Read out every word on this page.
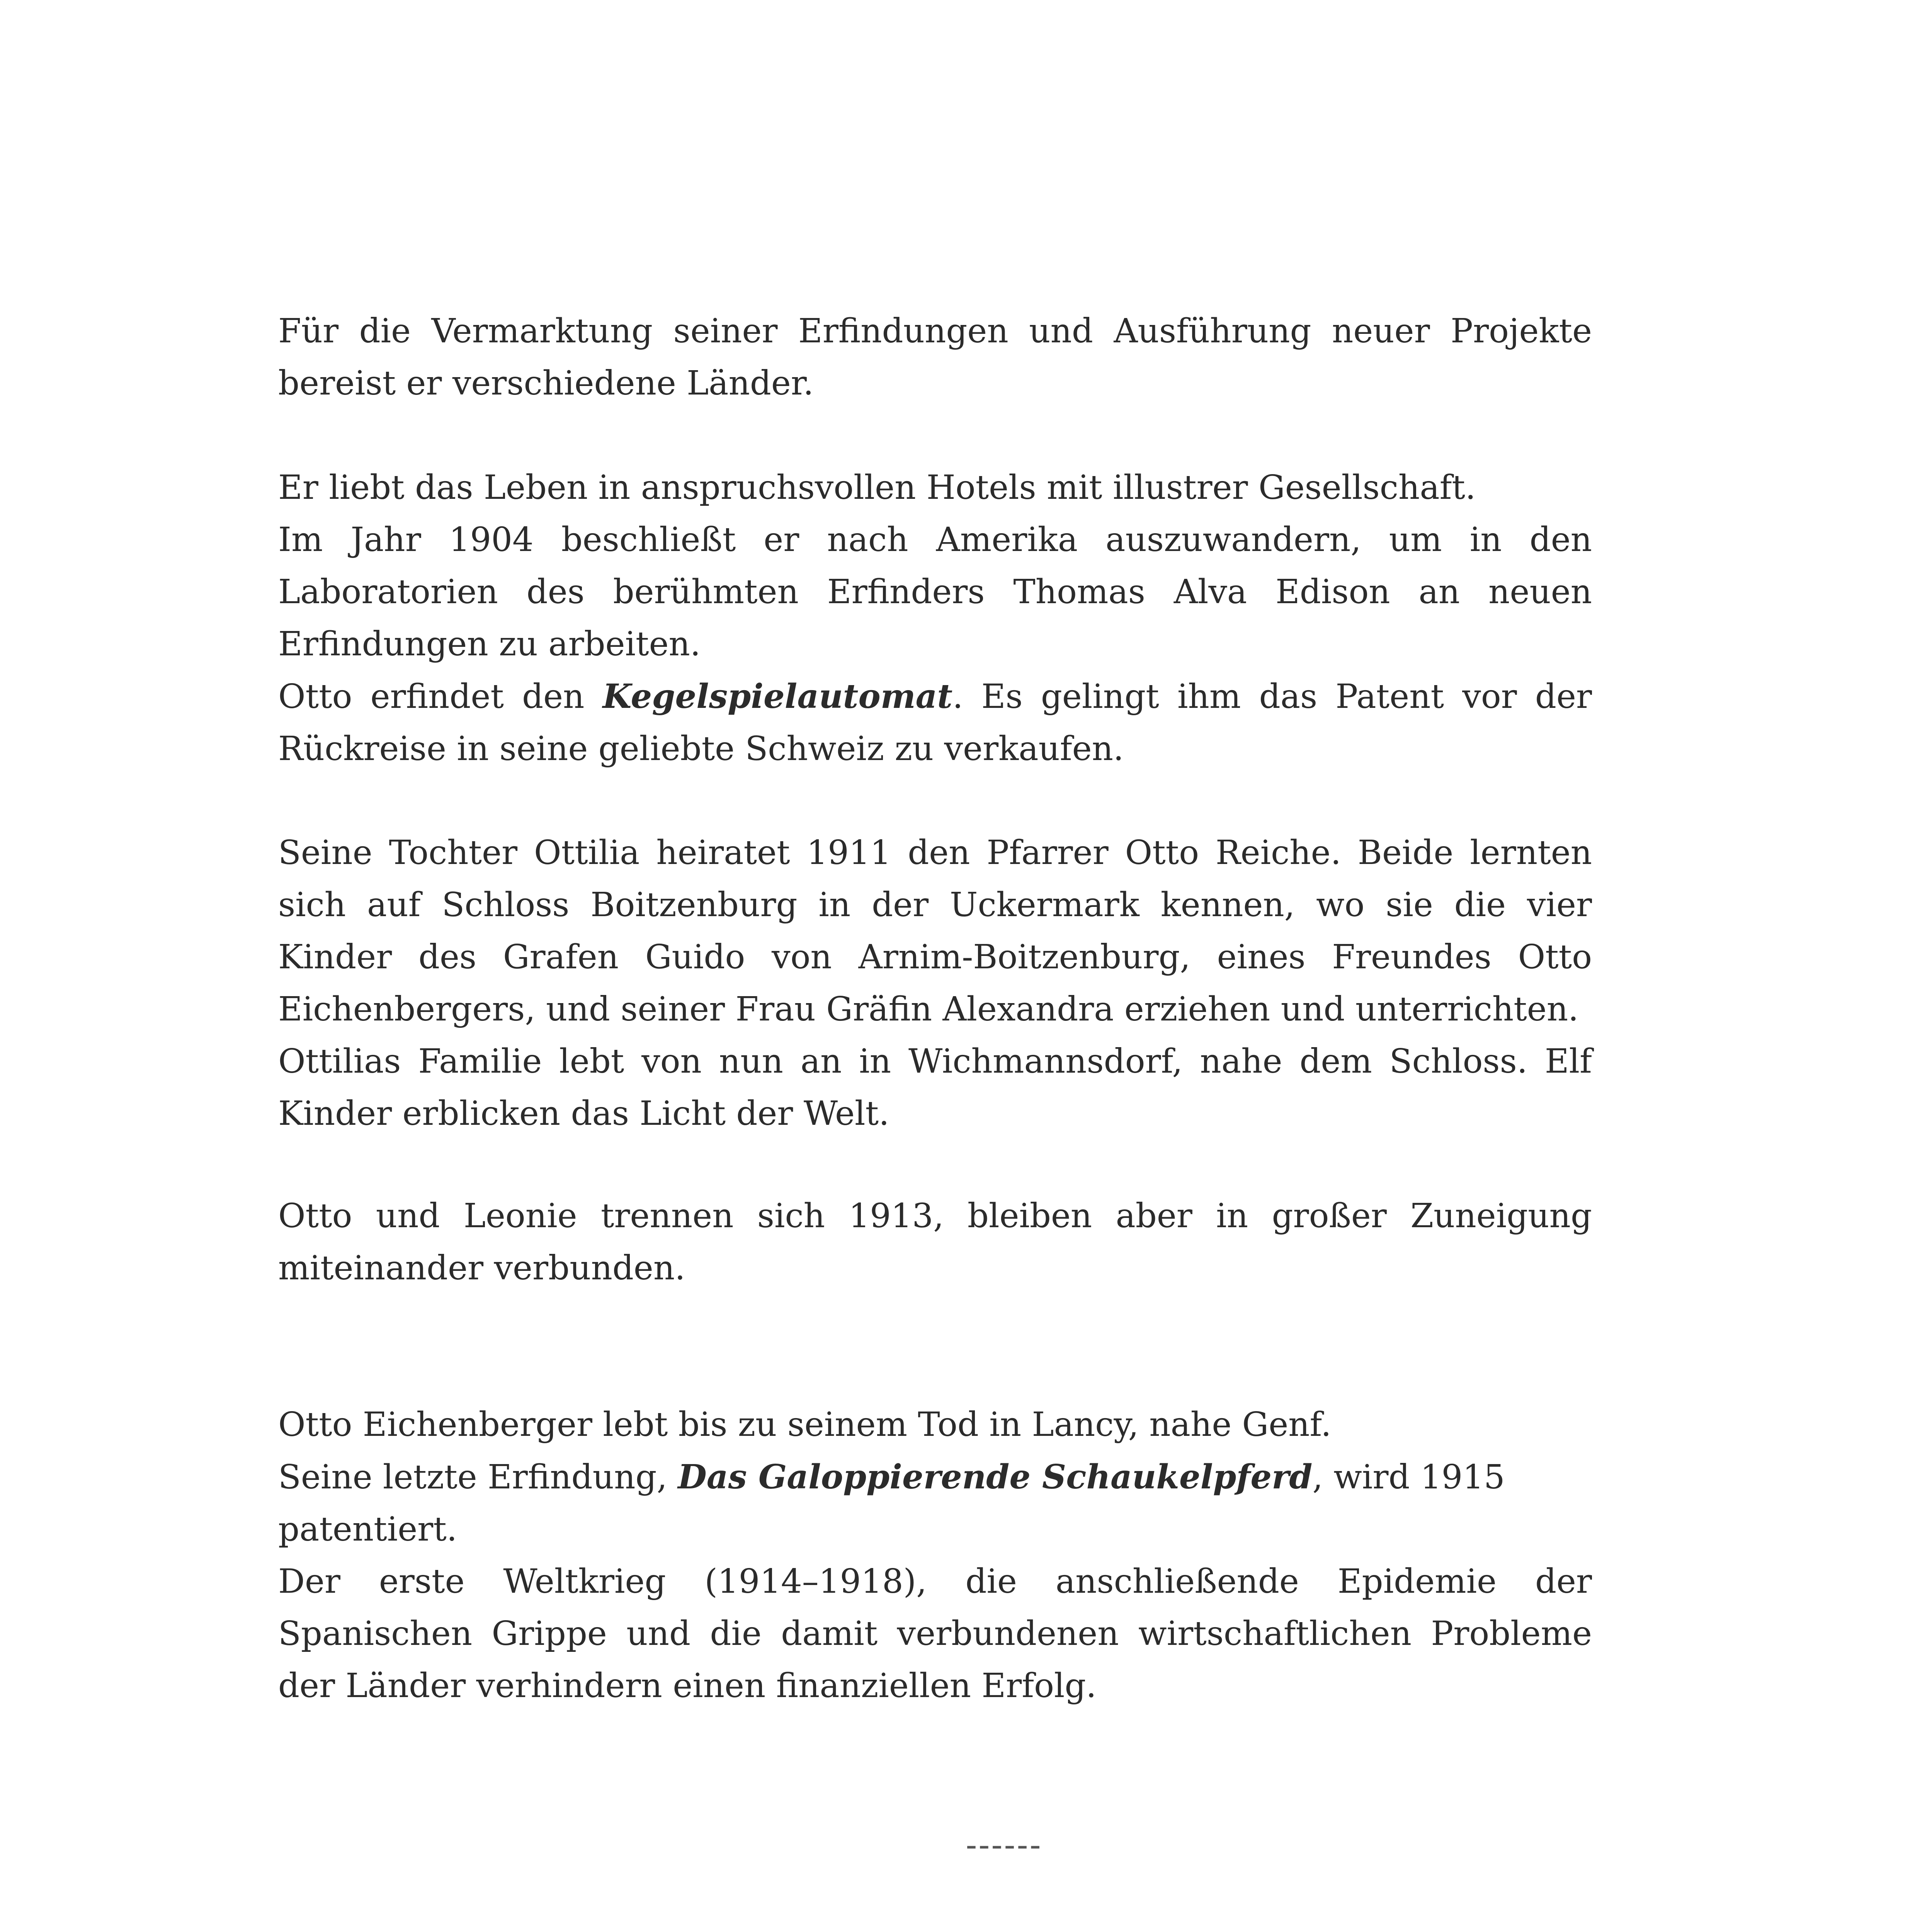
Für die Vermarktung seiner Erfindungen und Ausführung neuer Projekte bereist er verschiedene Länder.

Er liebt das Leben in anspruchsvollen Hotels mit illustrer Gesellschaft.
Im Jahr 1904 beschließt er nach Amerika auszuwandern, um in den Laboratorien des berühmten Erfinders Thomas Alva Edison an neuen Erfindungen zu arbeiten.

Otto erfindet den Kegelspielautomat. Es gelingt ihm das Patent vor der Rückreise in seine geliebte Schweiz zu verkaufen.

Seine Tochter Ottilia heiratet 1911 den Pfarrer Otto Reiche. Beide lernten sich auf Schloss Boitzenburg in der Uckermark kennen, wo sie die vier Kinder des Grafen Guido von Arnim-Boitzenburg, eines Freundes Otto Eichenbergers, und seiner Frau Gräfin Alexandra erziehen und unterrichten.
Ottilias Familie lebt von nun an in Wichmannsdorf, nahe dem Schloss. Elf Kinder erblicken das Licht der Welt.

Otto und Leonie trennen sich 1913, bleiben aber in großer Zuneigung miteinander verbunden.

Otto Eichenberger lebt bis zu seinem Tod in Lancy, nahe Genf.
Seine letzte Erfindung, Das Galoppierende Schaukelpferd, wird 1915 patentiert.
Der erste Weltkrieg (1914–1918), die anschließende Epidemie der Spanischen Grippe und die damit verbundenen wirtschaftlichen Probleme der Länder verhindern einen finanziellen Erfolg.
------
